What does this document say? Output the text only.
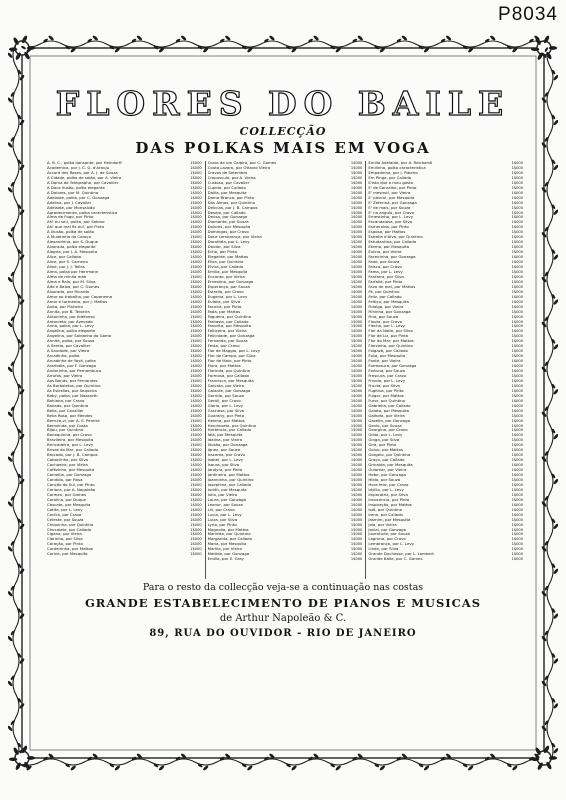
P8034
FLORES DO BAILE
COLLECÇÃO
DAS POLKAS MAIS EM VOGA
A. B. C., polka dansante, por Heindorff	1$000
Academica, por J. C. G. d'Araujo	1$000
Accord des Roses, por A. J. de Souza	1$000
A Cidade, polka de salão, por A. Vieira	1$000
A Dama do Telegrapho, por Cavallier	1$000
A Doce Ilusão, polka elegante	1$000
A Dolores, por M. Quintino	1$000
Adelaide, polka, por C. Gonzaga	1$000
Adelina, por J. Cavalier	1$000
Adelaide, por Monsalvão	1$000
Agradecimento, polka caracteristica	1$000
Alma de Fogo, por Pinto	1$000
Ah! eu sei!, polka, por Sabino	1$000
Ah! que mal fiz eu!, por Pinto	1$000
A illusão, polka de salão	1$000
A Mulatinha do Caroço	1$000
Alexandrina, por S. Duque	1$000
Alvorada, polka elegante	1$000
Alegria, por J. A. Mesquita	1$000
Alice, por Callado	1$000
Alice, por S. Carneiro	1$000
Aline, por J. J. Telles	1$000
Alma, polka por Herrmann	1$000
Alma de minha mãe	1$000
Alma e Raio, por M. Silva	1$000
Alto e Baixo, por C. Gomes	1$000
Alvorada, por Ricardo	1$000
Amor ao trabalho, por Capanema	1$000
Amor e tormento, por J. Mattos	1$000
Anita, por Pinheiro	1$000
Annita, por B. Teixeira	1$000
Antoninha, por Ildefonso	1$000
Antonieta, por Azevedo	1$000
Anna, polka, por L. Levy	1$000
Angelina, polka elegante	1$000
Angelina, por Saldanha da Gama	1$000
Annita, polka, por Sousa	1$000
A Sereia, por Cavallier	1$000
A Saudade, por Vieira	1$000
Arcadinha, polka	1$000
Arcadinha de Yayá, polka	1$000
Araribóia, por F. Gonzaga	1$000
Andorinha, por Pernambuco	1$000
Arrufos, por Vieira	1$000
Aos Bonds, por Fernandes	1$000
As Borboletas, por Quintino	1$000
As Estrellas, por Sequeira	1$000
Baby, polka, por Nazareth	1$000
Bahiana, por Cravo	1$000
Bailado, por Quintino	1$000
Bella, por Cavallier	1$000
Bella Rosa, por Mendes	1$000
Bem-te-vi, por A. S. Pereira	1$000
Bemvinda, por Costa	1$000
Bijou, por Quintino	1$000
Bonequinha, por Cravo	1$000
Brazileira, por Mesquita	1$000
Brincadeira, por L. Levy	1$000
Brisas do Mar, por Callado	1$000
Brocado, por J. B. Campos	1$000
Caboclinha, por Silva	1$000
Cachoeira, por Vieira	1$000
Cafézinho, por Mesquita	1$000
Camellia, por Gonzaga	1$000
Candida, por Rosa	1$000
Canção do Sul, por Pinto	1$000
Carioca, por A. Napoleão	1$000
Carmen, por Gomes	1$000
Carolina, por Duque	1$000
Cascata, por Mesquita	1$000
Catita, por L. Levy	1$000
Cecilia, por Cravo	1$000
Celeste, por Souza	1$000
Chiquinha, por Quintino	1$000
Chocolate, por Callado	1$000
Cigana, por Vieira	1$000
Clarinha, por Silva	1$000
Coração, por Pinto	1$000
Cordeirinha, por Mattos	1$000
Corina, por Mesquita	1$000
Coros de um Caipira, por C. Gomes	1$000
Couto Lazaro, por Ottavio Vieira	1$000
Cravos de Setembro	1$000
Crepusculo, por A. Vieira	1$000
Custosa, por Cavalier	1$000
Cupido, por Callado	1$000
Dalila, por Mesquita	1$000
Dama Branca, por Pinto	1$000
Das Almas, por Quintino	1$000
Delicias, por J. B. Campos	1$000
Desejo, por Callado	1$000
Deusa, por Gonzaga	1$000
Diamante, por Souza	1$000
Dolores, por Mesquita	1$000
Domingas, por Cravo	1$000
Doce Lembrança, por Vieira	1$000
Dorothéa, por L. Levy	1$000
Doutor, por Silva	1$000
Echo, por Pinto	1$000
Elegante, por Mattos	1$000
Elisa, por Quintino	1$000
Elvira, por Callado	1$000
Emilia, por Mesquita	1$000
Encanto, por Vieira	1$000
Ernestina, por Gonzaga	1$000
Esperança, por Souza	1$000
Estrella, por Cravo	1$000
Eugenia, por L. Levy	1$000
Eulalia, por Silva	1$000
Faceira, por Pinto	1$000
Fada, por Mattos	1$000
Fagueira, por Quintino	1$000
Fantasia, por Callado	1$000
Favorita, por Mesquita	1$000
Feiticeira, por Vieira	1$000
Felicidade, por Gonzaga	1$000
Fernanda, por Souza	1$000
Festa, por Cravo	1$000
Fior de Maggio, por L. Levy	1$000
Flor do Campo, por Silva	1$000
Flor de Maio, por Pinto	1$000
Flora, por Mattos	1$000
Florinda, por Quintino	1$000
Formosa, por Callado	1$000
Francisca, por Mesquita	1$000
Gaivota, por Vieira	1$000
Galante, por Gonzaga	1$000
Garrida, por Souza	1$000
Gentil, por Cravo	1$000
Gloria, por L. Levy	1$000
Graciosa, por Silva	1$000
Guarany, por Pinto	1$000
Helena, por Mattos	1$000
Henriqueta, por Quintino	1$000
Hortencia, por Callado	1$000
Iaiá, por Mesquita	1$000
Idalina, por Vieira	1$000
Illusão, por Gonzaga	1$000
Ignez, por Souza	1$000
Iracema, por Cravo	1$000
Isabel, por L. Levy	1$000
Isaura, por Silva	1$000
Jandyra, por Pinto	1$000
Jardineira, por Mattos	1$000
Joanninha, por Quintino	1$000
Josephina, por Callado	1$000
Judith, por Mesquita	1$000
Julia, por Vieira	1$000
Laura, por Gonzaga	1$000
Leonor, por Souza	1$000
Lili, por Cravo	1$000
Lucia, por L. Levy	1$000
Luiza, por Silva	1$000
Lyrio, por Pinto	1$000
Magnolia, por Mattos	1$000
Marietta, por Quintino	1$000
Margarida, por Callado	1$000
Maria, por Mesquita	1$000
Marilia, por Vieira	1$000
Matilde, por Gonzaga	1$000
Emilia, por E. Gray	1$000
Emilia Adelaide, por A. Reichardt	1$000
Emilinha, polka caracteristica	1$000
Empadinha, por J. Ribeiro	1$000
Em Pinga, por Callado	1$000
E'isto que o meu gosto	1$000
E' de Carvalho, por Pinto	1$000
E' mesmo!, por Vieira	1$000
E' pouco!, por Mesquita	1$000
E' Zeferina, por Gonzaga	1$000
E' de mais, por Souza	1$000
E' no angulo, por Cravo	1$000
Ernestinha, por L. Levy	1$000
Escandalosa, por Silva	1$000
Esmeralda, por Pinto	1$000
Esposa, por Mattos	1$000
Estrella d'Alva, por Quintino	1$000
Estudantina, por Callado	1$000
Eterna, por Mesquita	1$000
Eulina, por Vieira	1$000
Faceirinha, por Gonzaga	1$000
Fado, por Souza	1$000
Faisca, por Cravo	1$000
Fama, por L. Levy	1$000
Fanfarra, por Silva	1$000
Farfalla, por Pinto	1$000
Favo de mel, por Mattos	1$000
Fé, por Quintino	1$000
Feliz, por Callado	1$000
Feitiço, por Mesquita	1$000
Fidalga, por Vieira	1$000
Filhinha, por Gonzaga	1$000
Fina, por Souza	1$000
Flauta, por Cravo	1$000
Flecha, por L. Levy	1$000
Flor da Noite, por Silva	1$000
Flor de Liz, por Pinto	1$000
Flor do Mar, por Mattos	1$000
Florzinha, por Quintino	1$000
Folgazã, por Callado	1$000
Folia, por Mesquita	1$000
Fonte, por Vieira	1$000
Formosura, por Gonzaga	1$000
Fortuna, por Souza	1$000
Frescura, por Cravo	1$000
Frivola, por L. Levy	1$000
Fructa, por Silva	1$000
Fugitiva, por Pinto	1$000
Fulgor, por Mattos	1$000
Furor, por Quintino	1$000
Gabriella, por Callado	1$000
Gaiata, por Mesquita	1$000
Galhofa, por Vieira	1$000
Gazella, por Gonzaga	1$000
Genio, por Souza	1$000
Georgina, por Cravo	1$000
Gilda, por L. Levy	1$000
Ginga, por Silva	1$000
Gira, por Pinto	1$000
Goivo, por Mattos	1$000
Gorgeio, por Quintino	1$000
Graça, por Callado	1$000
Grinalda, por Mesquita	1$000
Guiomar, por Vieira	1$000
Hebe, por Gonzaga	1$000
Hilda, por Souza	1$000
Hora feliz, por Cravo	1$000
Idyllio, por L. Levy	1$000
Imperatriz, por Silva	1$000
Innocencia, por Pinto	1$000
Inspiração, por Mattos	1$000
Ioiô, por Quintino	1$000
Irene, por Callado	1$000
Jasmim, por Mesquita	1$000
Joia, por Vieira	1$000
Jovial, por Gonzaga	1$000
Juventude, por Souza	1$000
Lagrima, por Cravo	1$000
Lembrança, por L. Levy	1$000
Linda, por Silva	1$000
Grande Duchesse, por L. Lambert	1$000
Grande Baile, por C. Gomes	1$000
Para o resto da collecção veja-se a continuação nas costas
GRANDE ESTABELECIMENTO DE PIANOS E MUSICAS
de Arthur Napoleão & C.
89, RUA DO OUVIDOR - RIO DE JANEIRO
